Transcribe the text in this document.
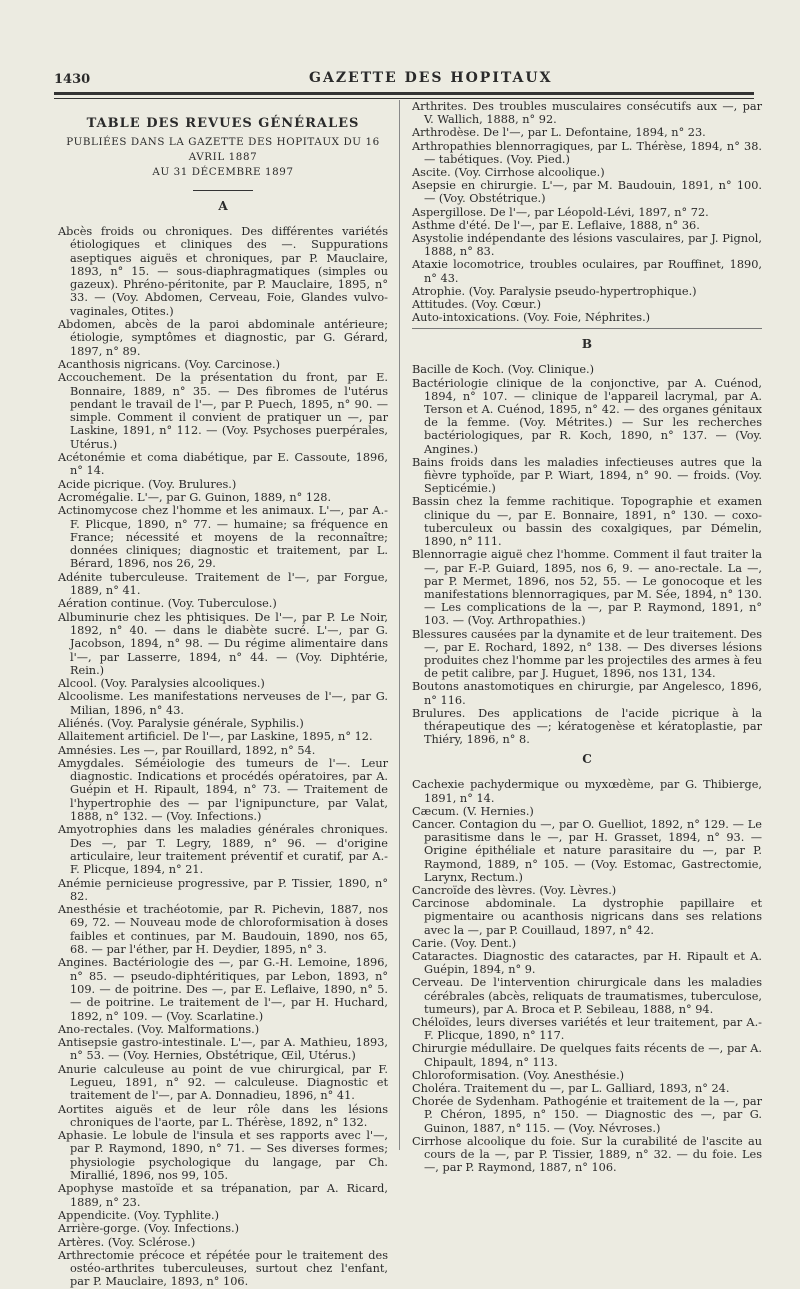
1430	GAZETTE DES HOPITAUX
TABLE DES REVUES GÉNÉRALES
PUBLIÉES DANS LA GAZETTE DES HOPITAUX DU 16 AVRIL 1887
AU 31 DÉCEMBRE 1897
A

Abcès froids ou chroniques. Des différentes variétés étiologiques et cliniques des —. Suppurations aseptiques aiguës et chroniques, par P. Mauclaire, 1893, n° 15. — sous-diaphragmatiques (simples ou gazeux). Phréno-péritonite, par P. Mauclaire, 1895, n° 33. — (Voy. Abdomen, Cerveau, Foie, Glandes vulvo-vaginales, Otites.)

Abdomen, abcès de la paroi abdominale antérieure; étiologie, symptômes et diagnostic, par G. Gérard, 1897, n° 89.

Acanthosis nigricans. (Voy. Carcinose.)

Accouchement. De la présentation du front, par E. Bonnaire, 1889, n° 35. — Des fibromes de l'utérus pendant le travail de l'—, par P. Puech, 1895, n° 90. — simple. Comment il convient de pratiquer un —, par Laskine, 1891, n° 112. — (Voy. Psychoses puerpérales, Utérus.)

Acétonémie et coma diabétique, par E. Cassoute, 1896, n° 14.

Acide picrique. (Voy. Brulures.)

Acromégalie. L'—, par G. Guinon, 1889, n° 128.

Actinomycose chez l'homme et les animaux. L'—, par A.-F. Plicque, 1890, n° 77. — humaine; sa fréquence en France; nécessité et moyens de la reconnaître; données cliniques; diagnostic et traitement, par L. Bérard, 1896, nos 26, 29.

Adénite tuberculeuse. Traitement de l'—, par Forgue, 1889, n° 41.

Aération continue. (Voy. Tuberculose.)

Albuminurie chez les phtisiques. De l'—, par P. Le Noir, 1892, n° 40. — dans le diabète sucré. L'—, par G. Jacobson, 1894, n° 98. — Du régime alimentaire dans l'—, par Lasserre, 1894, n° 44. — (Voy. Diphtérie, Rein.)

Alcool. (Voy. Paralysies alcooliques.)

Alcoolisme. Les manifestations nerveuses de l'—, par G. Milian, 1896, n° 43.

Aliénés. (Voy. Paralysie générale, Syphilis.)

Allaitement artificiel. De l'—, par Laskine, 1895, n° 12.

Amnésies. Les —, par Rouillard, 1892, n° 54.

Amygdales. Séméiologie des tumeurs de l'—. Leur diagnostic. Indications et procédés opératoires, par A. Guépin et H. Ripault, 1894, n° 73. — Traitement de l'hypertrophie des — par l'ignipuncture, par Valat, 1888, n° 132. — (Voy. Infections.)

Amyotrophies dans les maladies générales chroniques. Des —, par T. Legry, 1889, n° 96. — d'origine articulaire, leur traitement préventif et curatif, par A.-F. Plicque, 1894, n° 21.

Anémie pernicieuse progressive, par P. Tissier, 1890, n° 82.

Anesthésie et trachéotomie, par R. Pichevin, 1887, nos 69, 72. — Nouveau mode de chloroformisation à doses faibles et continues, par M. Baudouin, 1890, nos 65, 68. — par l'éther, par H. Deydier, 1895, n° 3.

Angines. Bactériologie des —, par G.-H. Lemoine, 1896, n° 85. — pseudo-diphtéritiques, par Lebon, 1893, n° 109. — de poitrine. Des —, par E. Leflaive, 1890, n° 5. — de poitrine. Le traitement de l'—, par H. Huchard, 1892, n° 109. — (Voy. Scarlatine.)

Ano-rectales. (Voy. Malformations.)

Antisepsie gastro-intestinale. L'—, par A. Mathieu, 1893, n° 53. — (Voy. Hernies, Obstétrique, Œil, Utérus.)

Anurie calculeuse au point de vue chirurgical, par F. Legueu, 1891, n° 92. — calculeuse. Diagnostic et traitement de l'—, par A. Donnadieu, 1896, n° 41.

Aortites aiguës et de leur rôle dans les lésions chroniques de l'aorte, par L. Thérèse, 1892, n° 132.

Aphasie. Le lobule de l'insula et ses rapports avec l'—, par P. Raymond, 1890, n° 71. — Ses diverses formes; physiologie psychologique du langage, par Ch. Mirallié, 1896, nos 99, 105.

Apophyse mastoïde et sa trépanation, par A. Ricard, 1889, n° 23.

Appendicite. (Voy. Typhlite.)

Arrière-gorge. (Voy. Infections.)

Artères. (Voy. Sclérose.)

Arthrectomie précoce et répétée pour le traitement des ostéo-arthrites tuberculeuses, surtout chez l'enfant, par P. Mauclaire, 1893, n° 106.

Arthrites. Des troubles musculaires consécutifs aux —, par V. Wallich, 1888, n° 92.

Arthrodèse. De l'—, par L. Defontaine, 1894, n° 23.

Arthropathies blennorragiques, par L. Thérèse, 1894, n° 38. — tabétiques. (Voy. Pied.)

Ascite. (Voy. Cirrhose alcoolique.)

Asepsie en chirurgie. L'—, par M. Baudouin, 1891, n° 100. — (Voy. Obstétrique.)

Aspergillose. De l'—, par Léopold-Lévi, 1897, n° 72.

Asthme d'été. De l'—, par E. Leflaive, 1888, n° 36.

Asystolie indépendante des lésions vasculaires, par J. Pignol, 1888, n° 83.

Ataxie locomotrice, troubles oculaires, par Rouffinet, 1890, n° 43.

Atrophie. (Voy. Paralysie pseudo-hypertrophique.)

Attitudes. (Voy. Cœur.)

Auto-intoxications. (Voy. Foie, Néphrites.)

B

Bacille de Koch. (Voy. Clinique.)

Bactériologie clinique de la conjonctive, par A. Cuénod, 1894, n° 107. — clinique de l'appareil lacrymal, par A. Terson et A. Cuénod, 1895, n° 42. — des organes génitaux de la femme. (Voy. Métrites.) — Sur les recherches bactériologiques, par R. Koch, 1890, n° 137. — (Voy. Angines.)

Bains froids dans les maladies infectieuses autres que la fièvre typhoïde, par P. Wiart, 1894, n° 90. — froids. (Voy. Septicémie.)

Bassin chez la femme rachitique. Topographie et examen clinique du —, par E. Bonnaire, 1891, n° 130. — coxo-tuberculeux ou bassin des coxalgiques, par Démelin, 1890, n° 111.

Blennorragie aiguë chez l'homme. Comment il faut traiter la —, par F.-P. Guiard, 1895, nos 6, 9. — ano-rectale. La —, par P. Mermet, 1896, nos 52, 55. — Le gonocoque et les manifestations blennorragiques, par M. Sée, 1894, n° 130. — Les complications de la —, par P. Raymond, 1891, n° 103. — (Voy. Arthropathies.)

Blessures causées par la dynamite et de leur traitement. Des —, par E. Rochard, 1892, n° 138. — Des diverses lésions produites chez l'homme par les projectiles des armes à feu de petit calibre, par J. Huguet, 1896, nos 131, 134.

Boutons anastomotiques en chirurgie, par Angelesco, 1896, n° 116.

Brulures. Des applications de l'acide picrique à la thérapeutique des —; kératogenèse et kératoplastie, par Thiéry, 1896, n° 8.

C

Cachexie pachydermique ou myxœdème, par G. Thibierge, 1891, n° 14.

Cæcum. (V. Hernies.)

Cancer. Contagion du —, par O. Guelliot, 1892, n° 129. — Le parasitisme dans le —, par H. Grasset, 1894, n° 93. — Origine épithéliale et nature parasitaire du —, par P. Raymond, 1889, n° 105. — (Voy. Estomac, Gastrectomie, Larynx, Rectum.)

Cancroïde des lèvres. (Voy. Lèvres.)

Carcinose abdominale. La dystrophie papillaire et pigmentaire ou acanthosis nigricans dans ses relations avec la —, par P. Couillaud, 1897, n° 42.

Carie. (Voy. Dent.)

Cataractes. Diagnostic des cataractes, par H. Ripault et A. Guépin, 1894, n° 9.

Cerveau. De l'intervention chirurgicale dans les maladies cérébrales (abcès, reliquats de traumatismes, tuberculose, tumeurs), par A. Broca et P. Sebileau, 1888, n° 94.

Chéloïdes, leurs diverses variétés et leur traitement, par A.-F. Plicque, 1890, n° 117.

Chirurgie médullaire. De quelques faits récents de —, par A. Chipault, 1894, n° 113.

Chloroformisation. (Voy. Anesthésie.)

Choléra. Traitement du —, par L. Galliard, 1893, n° 24.

Chorée de Sydenham. Pathogénie et traitement de la —, par P. Chéron, 1895, n° 150. — Diagnostic des —, par G. Guinon, 1887, n° 115. — (Voy. Névroses.)

Cirrhose alcoolique du foie. Sur la curabilité de l'ascite au cours de la —, par P. Tissier, 1889, n° 32. — du foie. Les —, par P. Raymond, 1887, n° 106.
